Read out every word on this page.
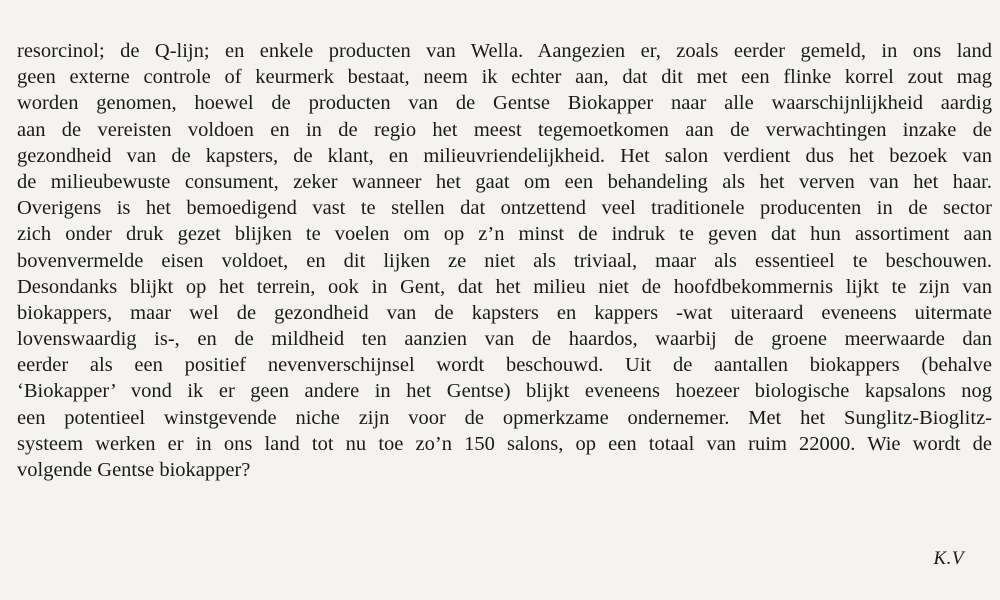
resorcinol; de Q-lijn; en enkele producten van Wella. Aangezien er, zoals eerder gemeld, in ons land
geen externe controle of keurmerk bestaat, neem ik echter aan, dat dit met een flinke korrel zout mag
worden genomen, hoewel de producten van de Gentse Biokapper naar alle waarschijnlijkheid aardig
aan de vereisten voldoen en in de regio het meest tegemoetkomen aan de verwachtingen inzake de
gezondheid van de kapsters, de klant, en milieuvriendelijkheid. Het salon verdient dus het bezoek van
de milieubewuste consument, zeker wanneer het gaat om een behandeling als het verven van het haar.
Overigens is het bemoedigend vast te stellen dat ontzettend veel traditionele producenten in de sector
zich onder druk gezet blijken te voelen om op z’n minst de indruk te geven dat hun assortiment aan
bovenvermelde eisen voldoet, en dit lijken ze niet als triviaal, maar als essentieel te beschouwen.
Desondanks blijkt op het terrein, ook in Gent, dat het milieu niet de hoofdbekommernis lijkt te zijn van
biokappers, maar wel de gezondheid van de kapsters en kappers -wat uiteraard eveneens uitermate
lovenswaardig is-, en de mildheid ten aanzien van de haardos, waarbij de groene meerwaarde dan
eerder als een positief nevenverschijnsel wordt beschouwd. Uit de aantallen biokappers (behalve
‘Biokapper’ vond ik er geen andere in het Gentse) blijkt eveneens hoezeer biologische kapsalons nog
een potentieel winstgevende niche zijn voor de opmerkzame ondernemer. Met het Sunglitz-Bioglitz-
systeem werken er in ons land tot nu toe zo’n 150 salons, op een totaal van ruim 22000. Wie wordt de
volgende Gentse biokapper?
K.V
